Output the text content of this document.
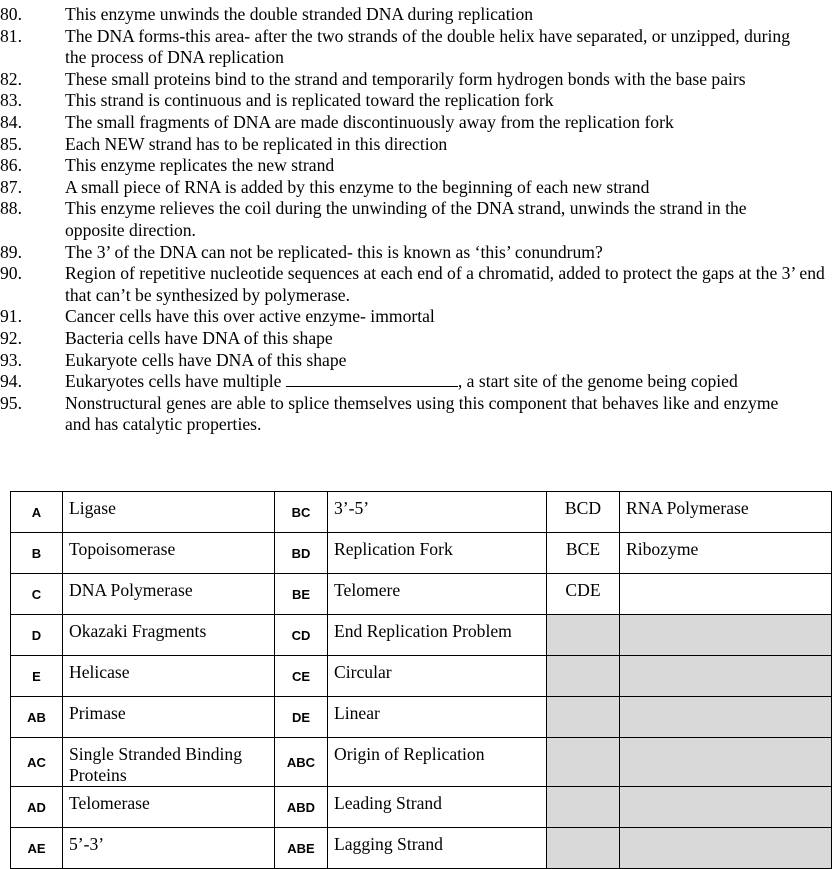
80.	This enzyme unwinds the double stranded DNA during replication
81.	The DNA forms-this area- after the two strands of the double helix have separated, or unzipped, during the process of DNA replication
82.	These small proteins bind to the strand and temporarily form hydrogen bonds with the base pairs
83.	This strand is continuous and is replicated toward the replication fork
84.	The small fragments of DNA are made discontinuously away from the replication fork
85.	Each NEW strand has to be replicated in this direction
86.	This enzyme replicates the new strand
87.	A small piece of RNA is added by this enzyme to the beginning of each new strand
88.	This enzyme relieves the coil during the unwinding of the DNA strand, unwinds the strand in the opposite direction.
89.	The 3’ of the DNA can not be replicated- this is known as ‘this’ conundrum?
90.	Region of repetitive nucleotide sequences at each end of a chromatid, added to protect the gaps at the 3’ end that can’t be synthesized by polymerase.
91.	Cancer cells have this over active enzyme- immortal
92.	Bacteria cells have DNA of this shape
93.	Eukaryote cells have DNA of this shape
94.	Eukaryotes cells have multiple	, a start site of the genome being copied
95.	Nonstructural genes are able to splice themselves using this component that behaves like and enzyme and has catalytic properties.
A	Ligase	BC	3’-5’	BCD	RNA Polymerase
B	Topoisomerase	BD	Replication Fork	BCE	Ribozyme
C	DNA Polymerase	BE	Telomere	CDE	
D	Okazaki Fragments	CD	End Replication Problem		
E	Helicase	CE	Circular		
AB	Primase	DE	Linear		
AC	Single Stranded Binding Proteins	ABC	Origin of Replication		
AD	Telomerase	ABD	Leading Strand		
AE	5’-3’	ABE	Lagging Strand		
